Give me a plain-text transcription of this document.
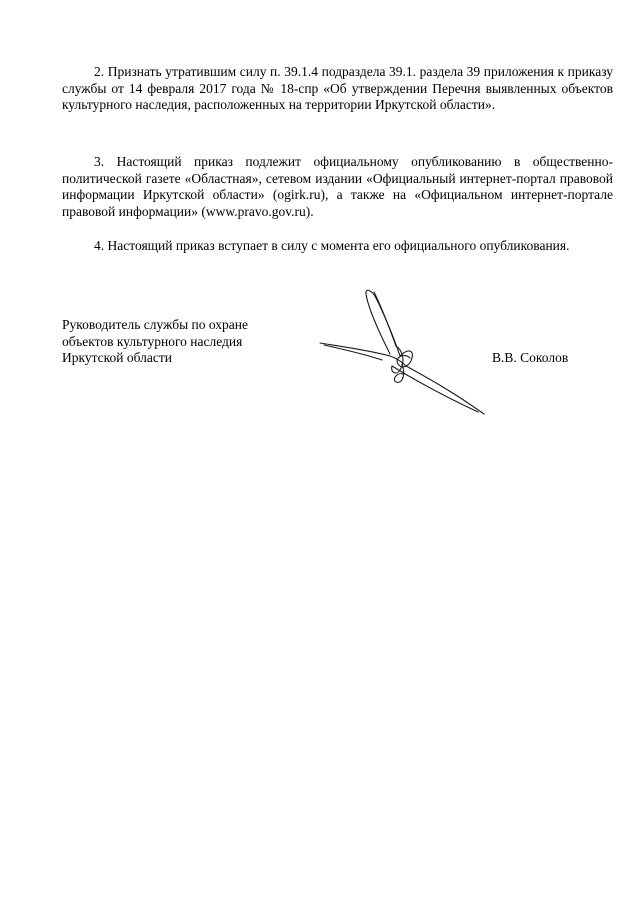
2. Признать утратившим силу п. 39.1.4 подраздела 39.1. раздела 39 приложения к приказу службы от 14 февраля 2017 года № 18-спр «Об утверждении Перечня выявленных объектов культурного наследия, расположенных на территории Иркутской области».

3. Настоящий приказ подлежит официальному опубликованию в общественно-политической газете «Областная», сетевом издании «Официальный интернет-портал правовой информации Иркутской области» (ogirk.ru), а также на «Официальном интернет-портале правовой информации» (www.pravo.gov.ru).

4. Настоящий приказ вступает в силу с момента его официального опубликования.

Руководитель службы по охране
объектов культурного наследия
Иркутской области	В.В. Соколов
